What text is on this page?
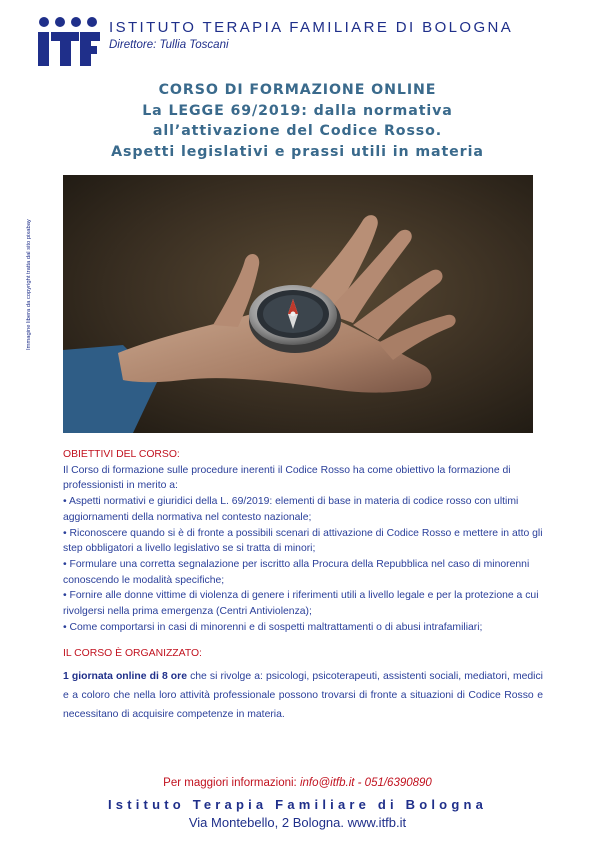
ISTITUTO TERAPIA FAMILIARE DI BOLOGNA
Direttore: Tullia Toscani
CORSO DI FORMAZIONE ONLINE
La LEGGE 69/2019: dalla normativa
all’attivazione del Codice Rosso.
Aspetti legislativi e prassi utili in materia
Immagine libera da copyright tratta dal sito pixabay
OBIETTIVI DEL CORSO:

Il Corso di formazione sulle procedure inerenti il Codice Rosso ha come obiettivo la formazione di professionisti in merito a:

• Aspetti normativi e giuridici della L. 69/2019: elementi di base in materia di codice rosso con ultimi aggiornamenti della normativa nel contesto nazionale;

• Riconoscere quando si è di fronte a possibili scenari di attivazione di Codice Rosso e mettere in atto gli step obbligatori a livello legislativo se si tratta di minori;

• Formulare una corretta segnalazione per iscritto alla Procura della Repubblica nel caso di minorenni conoscendo le modalità specifiche;

• Fornire alle donne vittime di violenza di genere i riferimenti utili a livello legale e per la protezione a cui rivolgersi nella prima emergenza (Centri Antiviolenza);

• Come comportarsi in casi di minorenni e di sospetti maltrattamenti o di abusi intrafamiliari;

IL CORSO È ORGANIZZATO:

1 giornata online di 8 ore che si rivolge a: psicologi, psicoterapeuti, assistenti sociali, mediatori, medici e a coloro che nella loro attività professionale possono trovarsi di fronte a situazioni di Codice Rosso e necessitano di acquisire competenze in materia.

Per maggiori informazioni: info@itfb.it - 051/6390890
Istituto Terapia Familiare di Bologna
Via Montebello, 2 Bologna. www.itfb.it
